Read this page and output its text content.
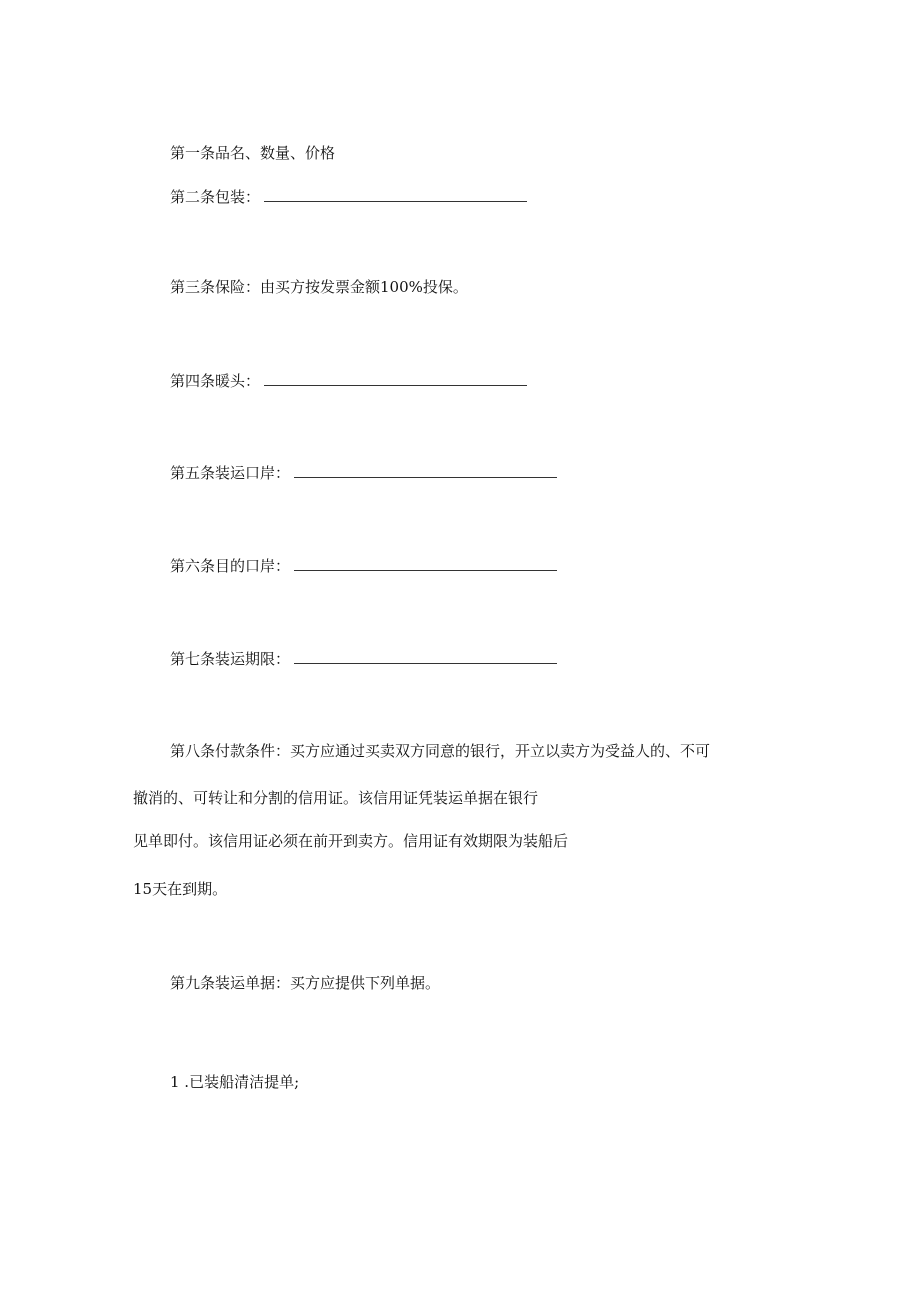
第一条品名、数量、价格
第二条包装：
第三条保险：由买方按发票金额100%投保。
第四条暖头：
第五条装运口岸：
第六条目的口岸：
第七条装运期限：
第八条付款条件：买方应通过买卖双方同意的银行，开立以卖方为受益人的、不可
撤消的、可转让和分割的信用证。该信用证凭装运单据在银行
见单即付。该信用证必须在前开到卖方。信用证有效期限为装船后
15天在到期。
第九条装运单据：买方应提供下列单据。
1 .已装船清洁提单;
